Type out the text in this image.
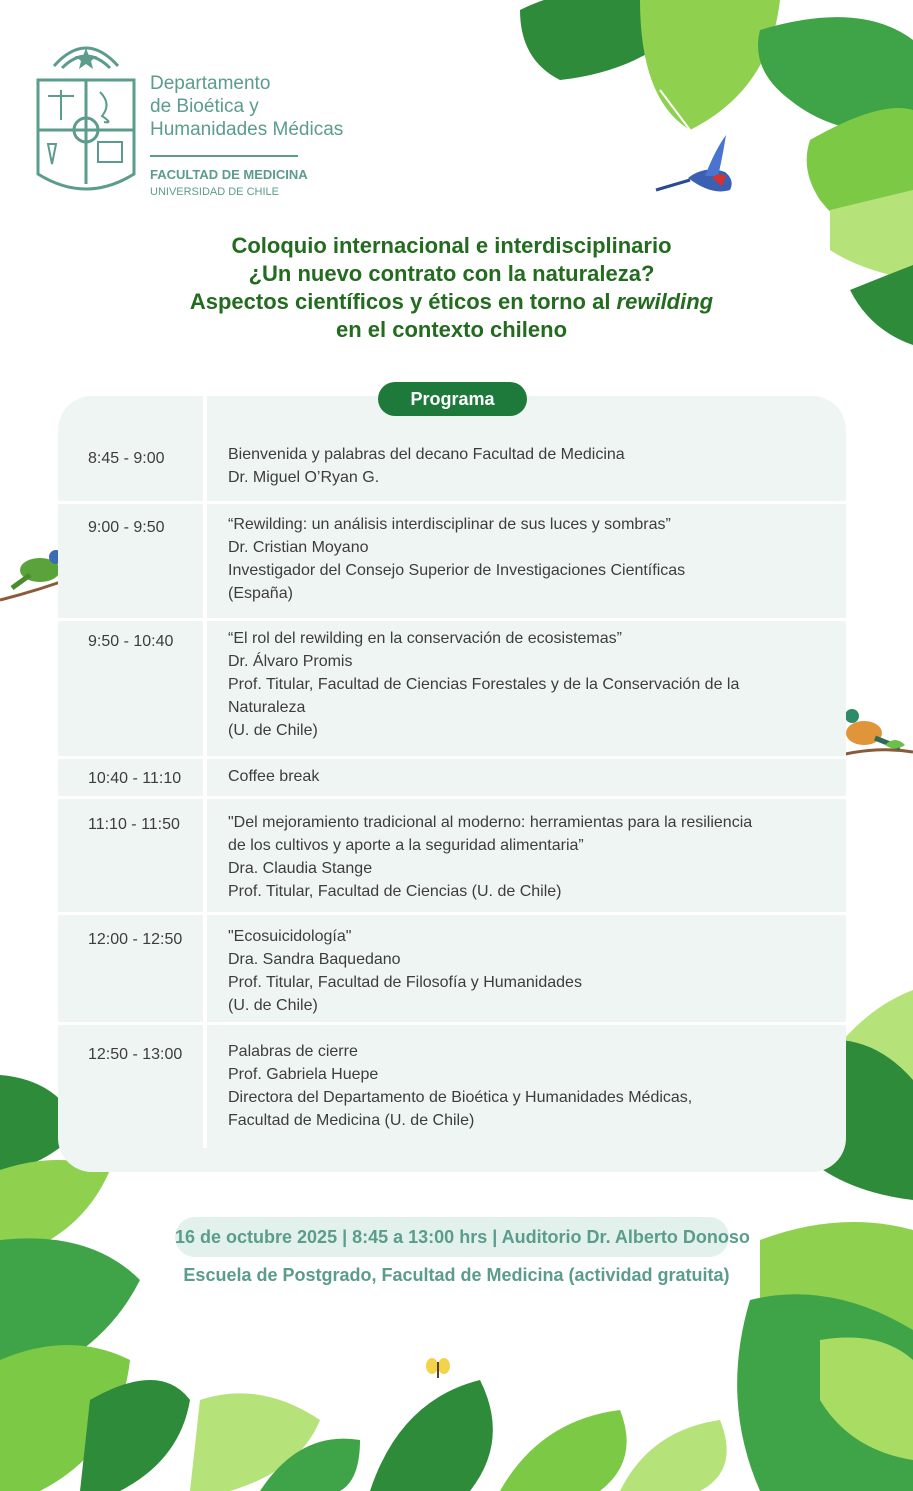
Departamento
de Bioética y
Humanidades Médicas
FACULTAD DE MEDICINA
UNIVERSIDAD DE CHILE
Coloquio internacional e interdisciplinario
¿Un nuevo contrato con la naturaleza?
Aspectos científicos y éticos en torno al rewilding
en el contexto chileno
Programa
8:45 - 9:00	Bienvenida y palabras del decano Facultad de Medicina
Dr. Miguel O’Ryan G.
9:00 - 9:50	“Rewilding: un análisis interdisciplinar de sus luces y sombras”
Dr. Cristian Moyano
Investigador del Consejo Superior de Investigaciones Científicas
(España)
9:50 - 10:40	“El rol del rewilding en la conservación de ecosistemas”
Dr. Álvaro Promis
Prof. Titular, Facultad de Ciencias Forestales y de la Conservación de la
Naturaleza
(U. de Chile)
10:40 - 11:10	Coffee break
11:10 - 11:50	"Del mejoramiento tradicional al moderno: herramientas para la resiliencia
de los cultivos y aporte a la seguridad alimentaria”
Dra. Claudia Stange
Prof. Titular, Facultad de Ciencias (U. de Chile)
12:00 - 12:50	"Ecosuicidología"
Dra. Sandra Baquedano
Prof. Titular, Facultad de Filosofía y Humanidades
(U. de Chile)
12:50 - 13:00	Palabras de cierre
Prof. Gabriela Huepe
Directora del Departamento de Bioética y Humanidades Médicas,
Facultad de Medicina (U. de Chile)
16 de octubre 2025 | 8:45 a 13:00 hrs | Auditorio Dr. Alberto Donoso
Escuela de Postgrado, Facultad de Medicina (actividad gratuita)
